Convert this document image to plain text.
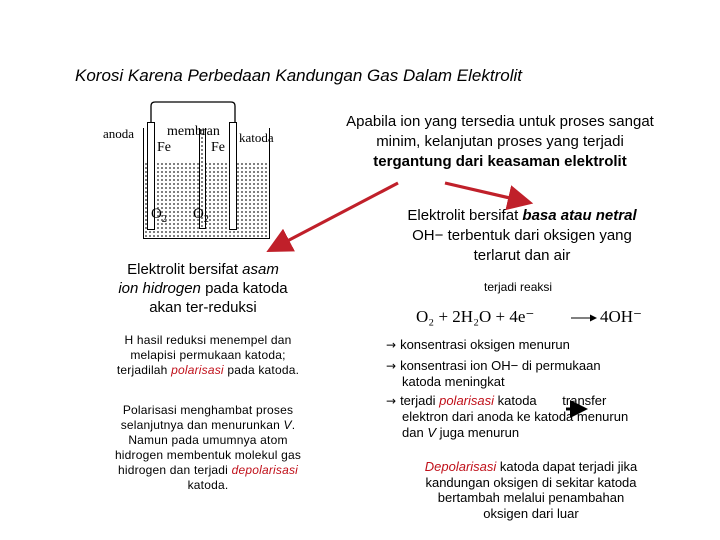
Korosi Karena Perbedaan Kandungan Gas Dalam Elektrolit
anoda membran katoda
Fe	Fe
$O_2$ $O_2$
Apabila ion yang tersedia untuk proses sangat
minim, kelanjutan proses yang terjadi
tergantung dari keasaman elektrolit
Elektrolit bersifat asam
ion hidrogen pada katoda
akan ter-reduksi
H hasil reduksi menempel dan
melapisi permukaan katoda;
terjadilah polarisasi pada katoda.
Polarisasi menghambat proses
selanjutnya dan menurunkan V.
Namun pada umumnya atom
hidrogen membentuk molekul gas
hidrogen dan terjadi depolarisasi
katoda.
Elektrolit bersifat basa atau netral
OH− terbentuk dari oksigen yang
terlarut dan air
terjadi reaksi
O₂ + 2H₂O + 4e⁻	4OH⁻
→ konsentrasi oksigen menurun
→ konsentrasi ion OH− di permukaan
katoda meningkat
→ terjadi polarisasi katoda transfer
elektron dari anoda ke katoda menurun
dan V juga menurun
Depolarisasi katoda dapat terjadi jika
kandungan oksigen di sekitar katoda
bertambah melalui penambahan
oksigen dari luar
